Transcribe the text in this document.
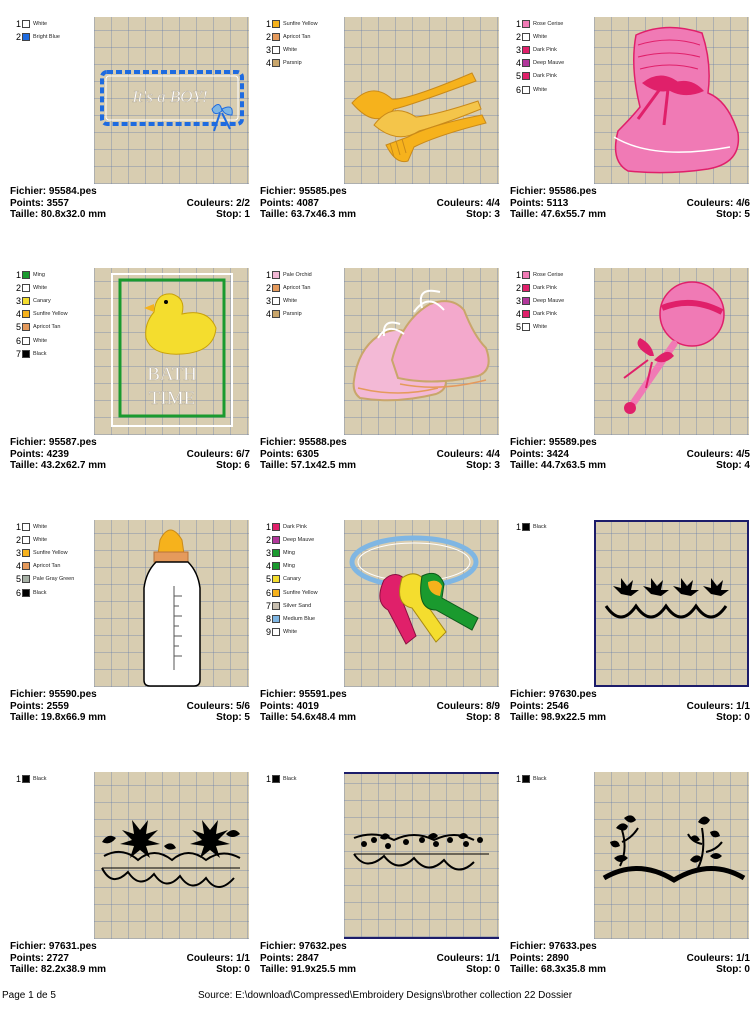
1 White
2 Bright Blue
It's a BOY!
Fichier: 95584.pes
Points: 3557	Couleurs: 2/2
Taille: 80.8x32.0 mm	Stop: 1
1 Sunfire Yellow
2 Apricot Tan
3 White
4 Parsnip
Fichier: 95585.pes
Points: 4087	Couleurs: 4/4
Taille: 63.7x46.3 mm	Stop: 3
1 Rose Cerise
2 White
3 Dark Pink
4 Deep Mauve
5 Dark Pink
6 White
Fichier: 95586.pes
Points: 5113	Couleurs: 4/6
Taille: 47.6x55.7 mm	Stop: 5
1 Ming
2 White
3 Canary
4 Sunfire Yellow
5 Apricot Tan
6 White
7 Black
BATH
TIME
Fichier: 95587.pes
Points: 4239	Couleurs: 6/7
Taille: 43.2x62.7 mm	Stop: 6
1 Pale Orchid
2 Apricot Tan
3 White
4 Parsnip
Fichier: 95588.pes
Points: 6305	Couleurs: 4/4
Taille: 57.1x42.5 mm	Stop: 3
1 Rose Cerise
2 Dark Pink
3 Deep Mauve
4 Dark Pink
5 White
Fichier: 95589.pes
Points: 3424	Couleurs: 4/5
Taille: 44.7x63.5 mm	Stop: 4
1 White
2 White
3 Sunfire Yellow
4 Apricot Tan
5 Pale Gray Green
6 Black
Fichier: 95590.pes
Points: 2559	Couleurs: 5/6
Taille: 19.8x66.9 mm	Stop: 5
1 Dark Pink
2 Deep Mauve
3 Ming
4 Ming
5 Canary
6 Sunfire Yellow
7 Silver Sand
8 Medium Blue
9 White
Fichier: 95591.pes
Points: 4019	Couleurs: 8/9
Taille: 54.6x48.4 mm	Stop: 8
1 Black
Fichier: 97630.pes
Points: 2546	Couleurs: 1/1
Taille: 98.9x22.5 mm	Stop: 0
1 Black
Fichier: 97631.pes
Points: 2727	Couleurs: 1/1
Taille: 82.2x38.9 mm	Stop: 0
1 Black
Fichier: 97632.pes
Points: 2847	Couleurs: 1/1
Taille: 91.9x25.5 mm	Stop: 0
1 Black
Fichier: 97633.pes
Points: 2890	Couleurs: 1/1
Taille: 68.3x35.8 mm	Stop: 0
Page 1 de 5	Source: E:\download\Compressed\Embroidery Designs\brother collection 22 Dossier
